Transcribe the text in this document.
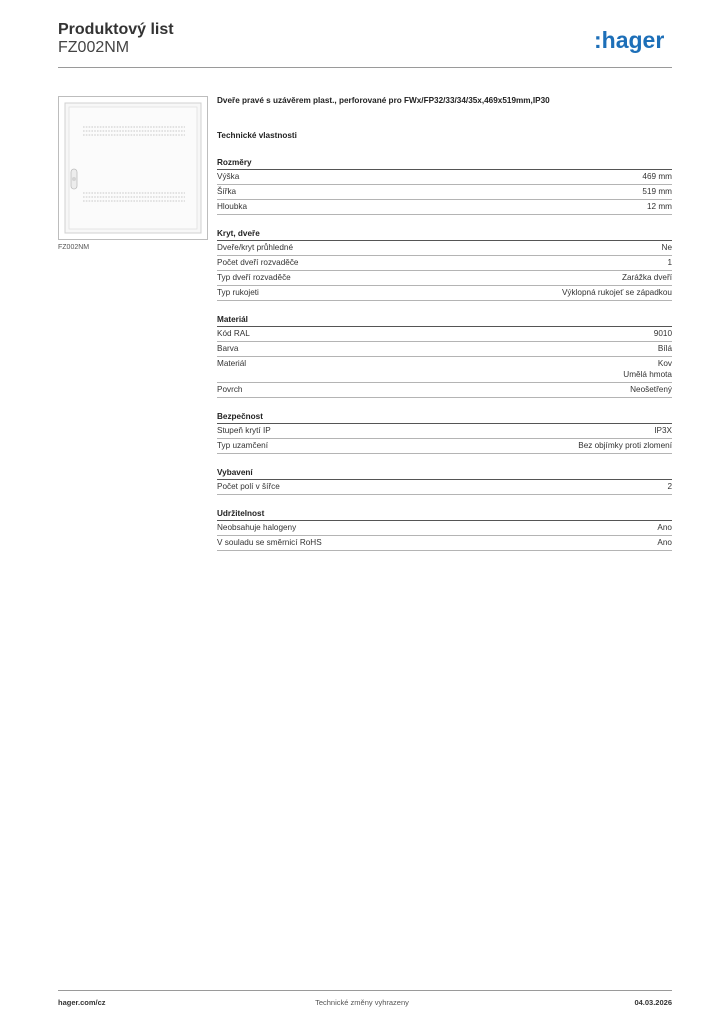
Produktový list
FZ002NM	:hager
FZ002NM
Dveře pravé s uzávěrem plast., perforované pro FWx/FP32/33/34/35x,469x519mm,IP30
Technické vlastnosti
Rozměry
Výška	469 mm
Šířka	519 mm
Hloubka	12 mm
Kryt, dveře
Dveře/kryt průhledné	Ne
Počet dveří rozvaděče	1
Typ dveří rozvaděče	Zarážka dveří
Typ rukojeti	Výklopná rukojeť se západkou
Materiál
Kód RAL	9010
Barva	Bílá
Materiál	Kov
Umělá hmota
Povrch	Neošetřený
Bezpečnost
Stupeň krytí IP	IP3X
Typ uzamčení	Bez objímky proti zlomení
Vybavení
Počet polí v šířce	2
Udržitelnost
Neobsahuje halogeny	Ano
V souladu se směrnicí RoHS	Ano
hager.com/cz	Technické změny vyhrazeny	04.03.2026
